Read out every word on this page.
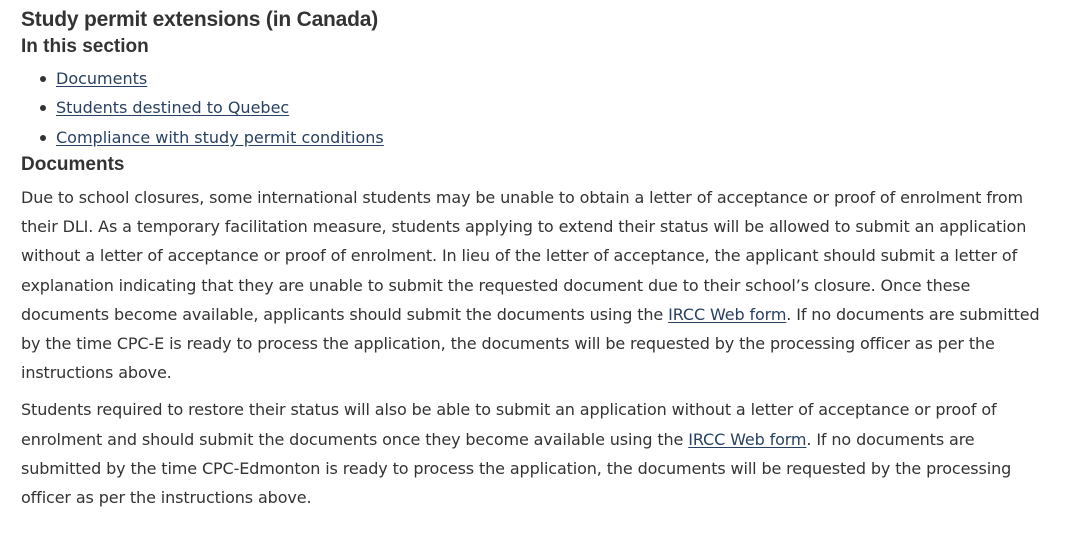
Study permit extensions (in Canada)
In this section
Documents
Students destined to Quebec
Compliance with study permit conditions
Documents

Due to school closures, some international students may be unable to obtain a letter of acceptance or proof of enrolment from their DLI. As a temporary facilitation measure, students applying to extend their status will be allowed to submit an application without a letter of acceptance or proof of enrolment. In lieu of the letter of acceptance, the applicant should submit a letter of explanation indicating that they are unable to submit the requested document due to their school’s closure. Once these documents become available, applicants should submit the documents using the IRCC Web form. If no documents are submitted by the time CPC-E is ready to process the application, the documents will be requested by the processing officer as per the instructions above.

Students required to restore their status will also be able to submit an application without a letter of acceptance or proof of enrolment and should submit the documents once they become available using the IRCC Web form. If no documents are submitted by the time CPC-Edmonton is ready to process the application, the documents will be requested by the processing officer as per the instructions above.
